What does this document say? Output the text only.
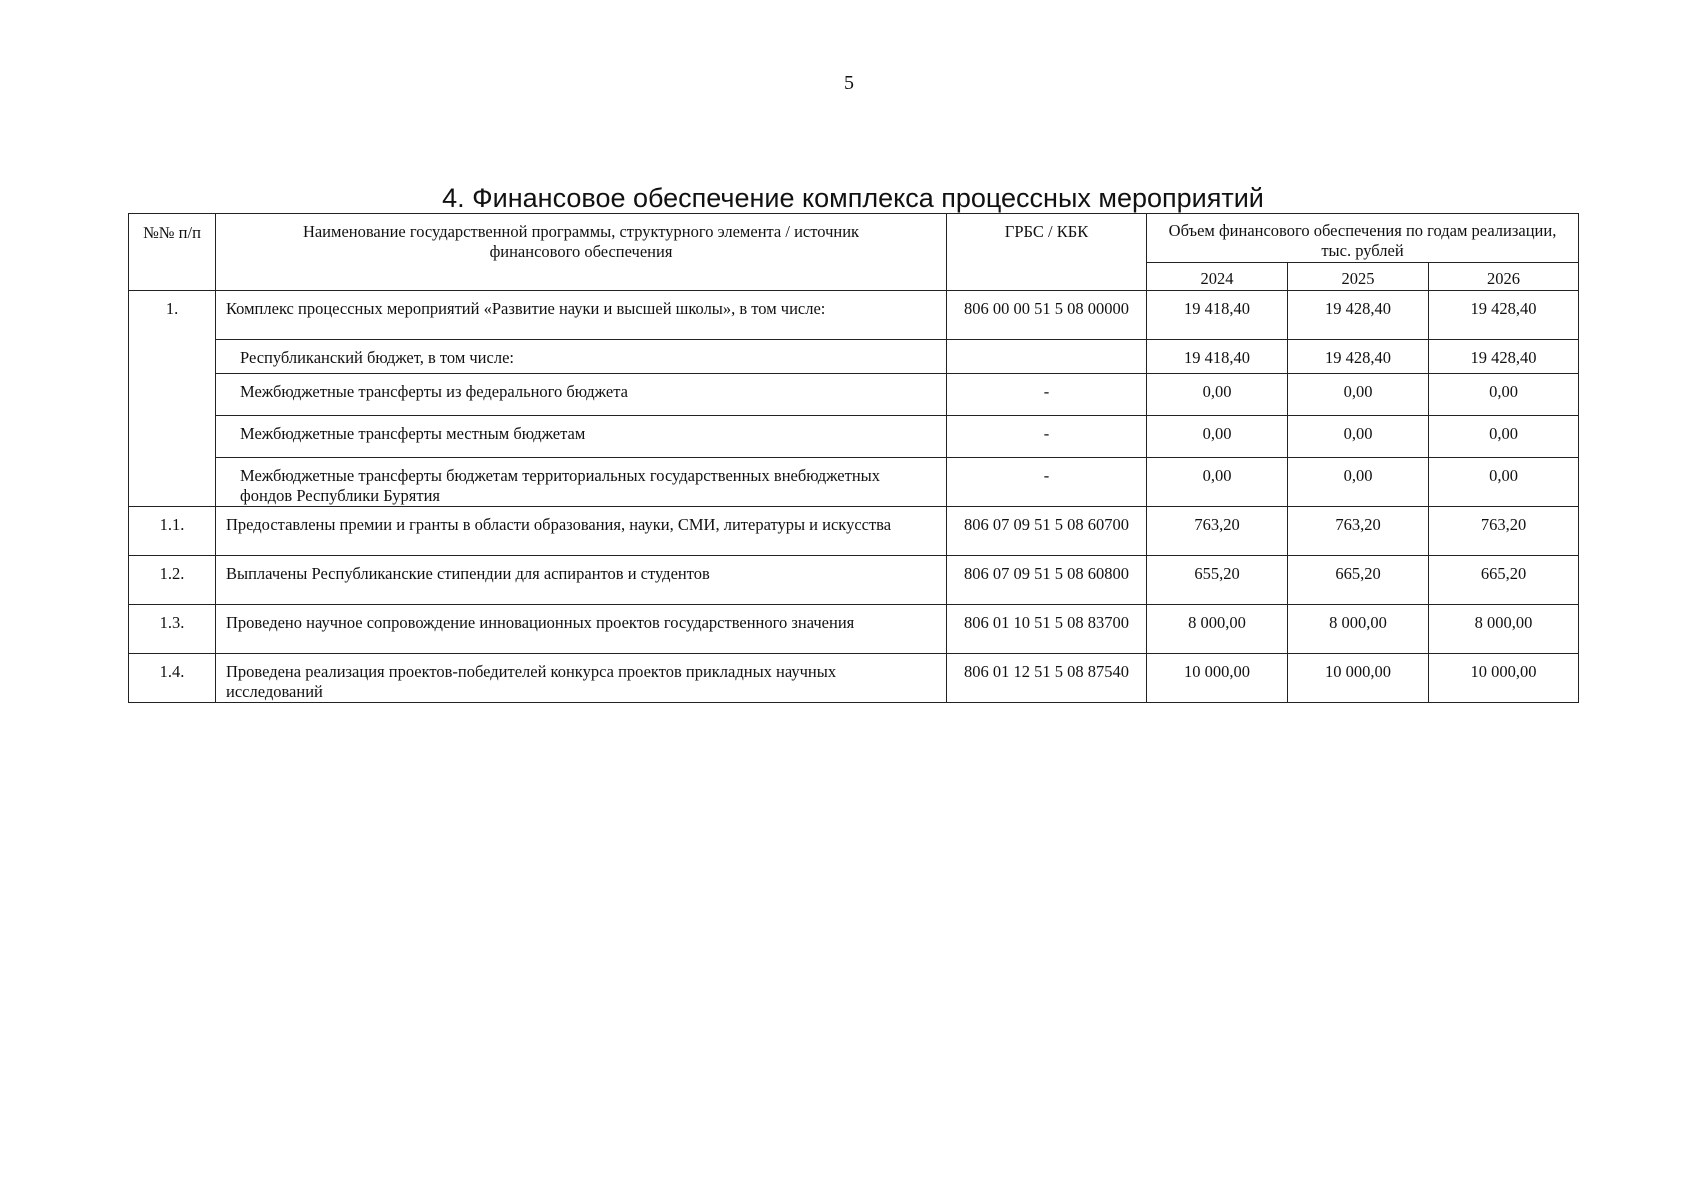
5
4. Финансовое обеспечение комплекса процессных мероприятий
№№ п/п	Наименование государственной программы, структурного элемента / источник финансового обеспечения	ГРБС / КБК	Объем финансового обеспечения по годам реализации, тыс. рублей		
			2024	2025	2026
1.	Комплекс процессных мероприятий «Развитие науки и высшей школы», в том числе:	806 00 00 51 5 08 00000	19 418,40	19 428,40	19 428,40
	Республиканский бюджет, в том числе:		19 418,40	19 428,40	19 428,40
	Межбюджетные трансферты из федерального бюджета	-	0,00	0,00	0,00
	Межбюджетные трансферты местным бюджетам	-	0,00	0,00	0,00
	Межбюджетные трансферты бюджетам территориальных государственных внебюджетных фондов Республики Бурятия	-	0,00	0,00	0,00
1.1.	Предоставлены премии и гранты в области образования, науки, СМИ, литературы и искусства	806 07 09 51 5 08 60700	763,20	763,20	763,20
1.2.	Выплачены Республиканские стипендии для аспирантов и студентов	806 07 09 51 5 08 60800	655,20	665,20	665,20
1.3.	Проведено научное сопровождение инновационных проектов государственного значения	806 01 10 51 5 08 83700	8 000,00	8 000,00	8 000,00
1.4.	Проведена реализация проектов-победителей конкурса проектов прикладных научных исследований	806 01 12 51 5 08 87540	10 000,00	10 000,00	10 000,00
